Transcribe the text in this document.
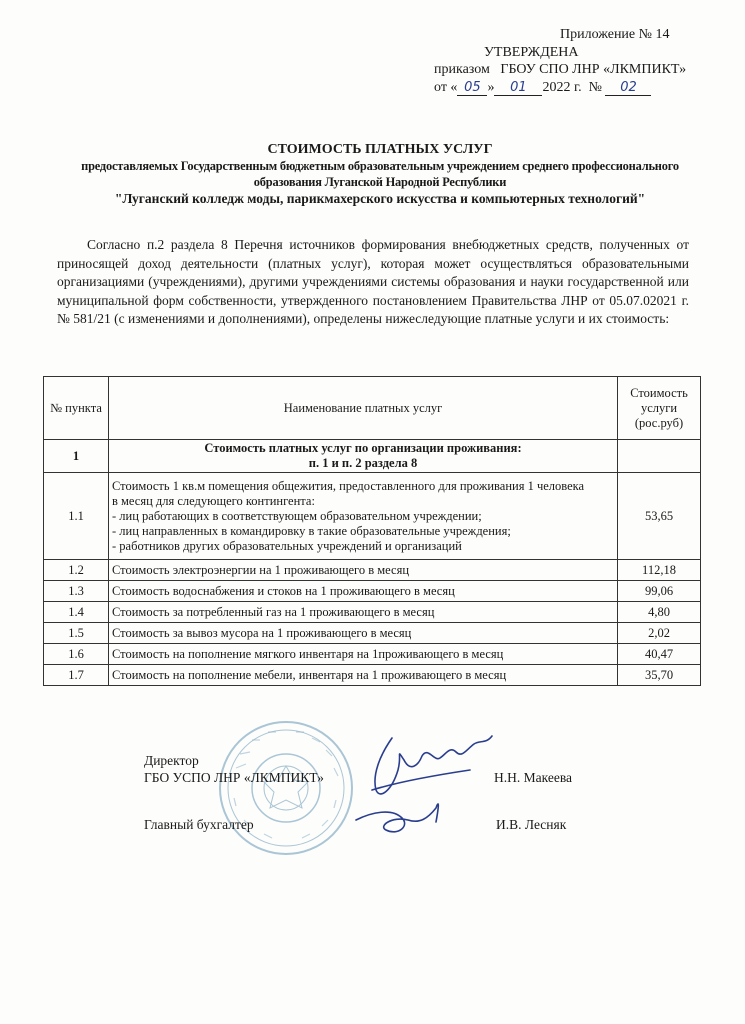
Приложение № 14
УТВЕРЖДЕНА
приказом ГБОУ СПО ЛНР «ЛКМПИКТ»
от « 05 » 01 2022 г. № 02

СТОИМОСТЬ ПЛАТНЫХ УСЛУГ

предоставляемых Государственным бюджетным образовательным учреждением среднего профессионального

образования Луганской Народной Республики

"Луганский колледж моды, парикмахерского искусства и компьютерных технологий"

Согласно п.2 раздела 8 Перечня источников формирования внебюджетных средств, полученных от приносящей доход деятельности (платных услуг), которая может осуществляться образовательными организациями (учреждениями), другими учреждениями системы образования и науки государственной или муниципальной форм собственности, утвержденного постановлением Правительства ЛНР от 05.07.02021 г. № 581/21 (с изменениями и дополнениями), определены нижеследующие платные услуги и их стоимость:
№ пункта	Наименование платных услуг	Стоимость услуги (рос.руб)
1	Стоимость платных услуг по организации проживания:
п. 1 и п. 2 раздела 8	

1.1	Стоимость 1 кв.м помещения общежития, предоставленного для проживания 1 человека
в месяц для следующего контингента:
- лиц работающих в соответствующем образовательном учреждении;
- лиц направленных в командировку в такие образовательные учреждения;
- работников других образовательных учреждений и организаций	53,65
1.2	Стоимость электроэнергии на 1 проживающего в месяц	112,18
1.3	Стоимость водоснабжения и стоков на 1 проживающего в месяц	99,06
1.4	Стоимость за потребленный газ на 1 проживающего в месяц	4,80
1.5	Стоимость за вывоз мусора на 1 проживающего в месяц	2,02
1.6	Стоимость на пополнение мягкого инвентаря на 1проживающего в месяц	40,47
1.7	Стоимость на пополнение мебели, инвентаря на 1 проживающего в месяц	35,70
Директор
ГБО УСПО ЛНР «ЛКМПИКТ»	Н.Н. Макеева
Главный бухгалтер	И.В. Лесняк
